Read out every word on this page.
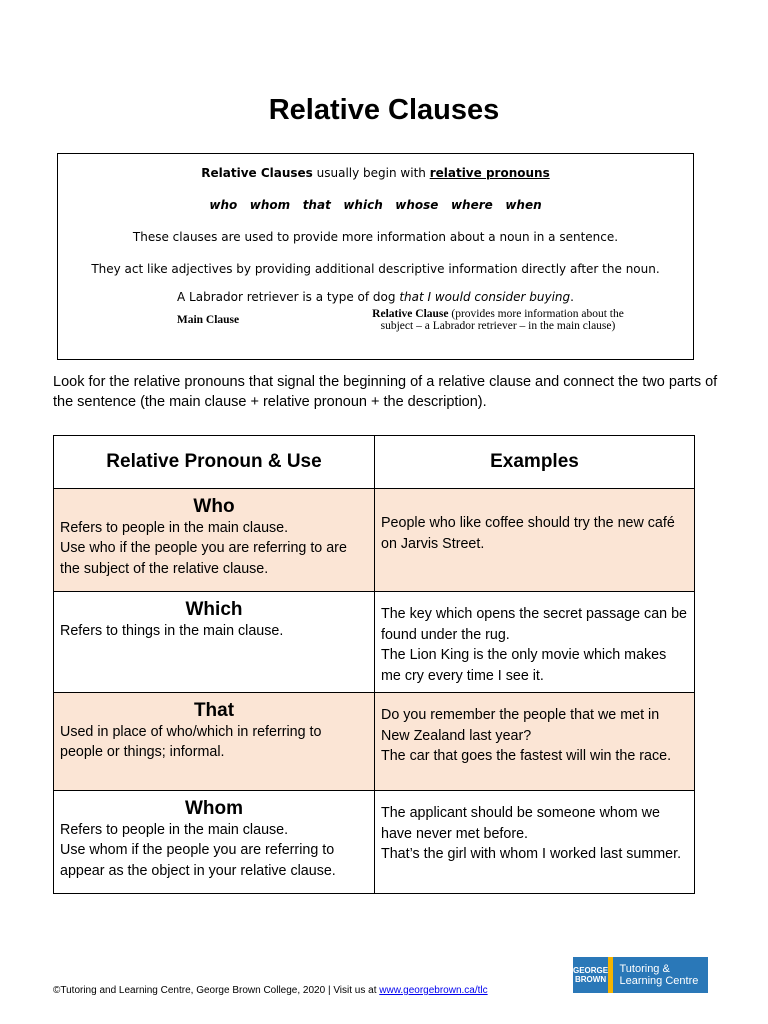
Relative Clauses

Relative Clauses usually begin with relative pronouns

who   whom   that   which   whose   where   when

These clauses are used to provide more information about a noun in a sentence.

They act like adjectives by providing additional descriptive information directly after the noun.

A Labrador retriever is a type of dog that I would consider buying.

Main Clause	Relative Clause (provides more information about the subject – a Labrador retriever – in the main clause)

Look for the relative pronouns that signal the beginning of a relative clause and connect the two parts of the sentence (the main clause + relative pronoun + the description).

Relative Pronoun & Use	Examples

Who
Refers to people in the main clause.
Use who if the people you are referring to are the subject of the relative clause.	People who like coffee should try the new café on Jarvis Street.

Which
Refers to things in the main clause.	The key which opens the secret passage can be found under the rug.
The Lion King is the only movie which makes me cry every time I see it.

That
Used in place of who/which in referring to people or things; informal.	Do you remember the people that we met in New Zealand last year?
The car that goes the fastest will win the race.

Whom
Refers to people in the main clause.
Use whom if the people you are referring to appear as the object in your relative clause.	The applicant should be someone whom we have never met before.
That’s the girl with whom I worked last summer.
©Tutoring and Learning Centre, George Brown College, 2020 | Visit us at www.georgebrown.ca/tlc
GEORGE BROWN
Tutoring & Learning Centre
